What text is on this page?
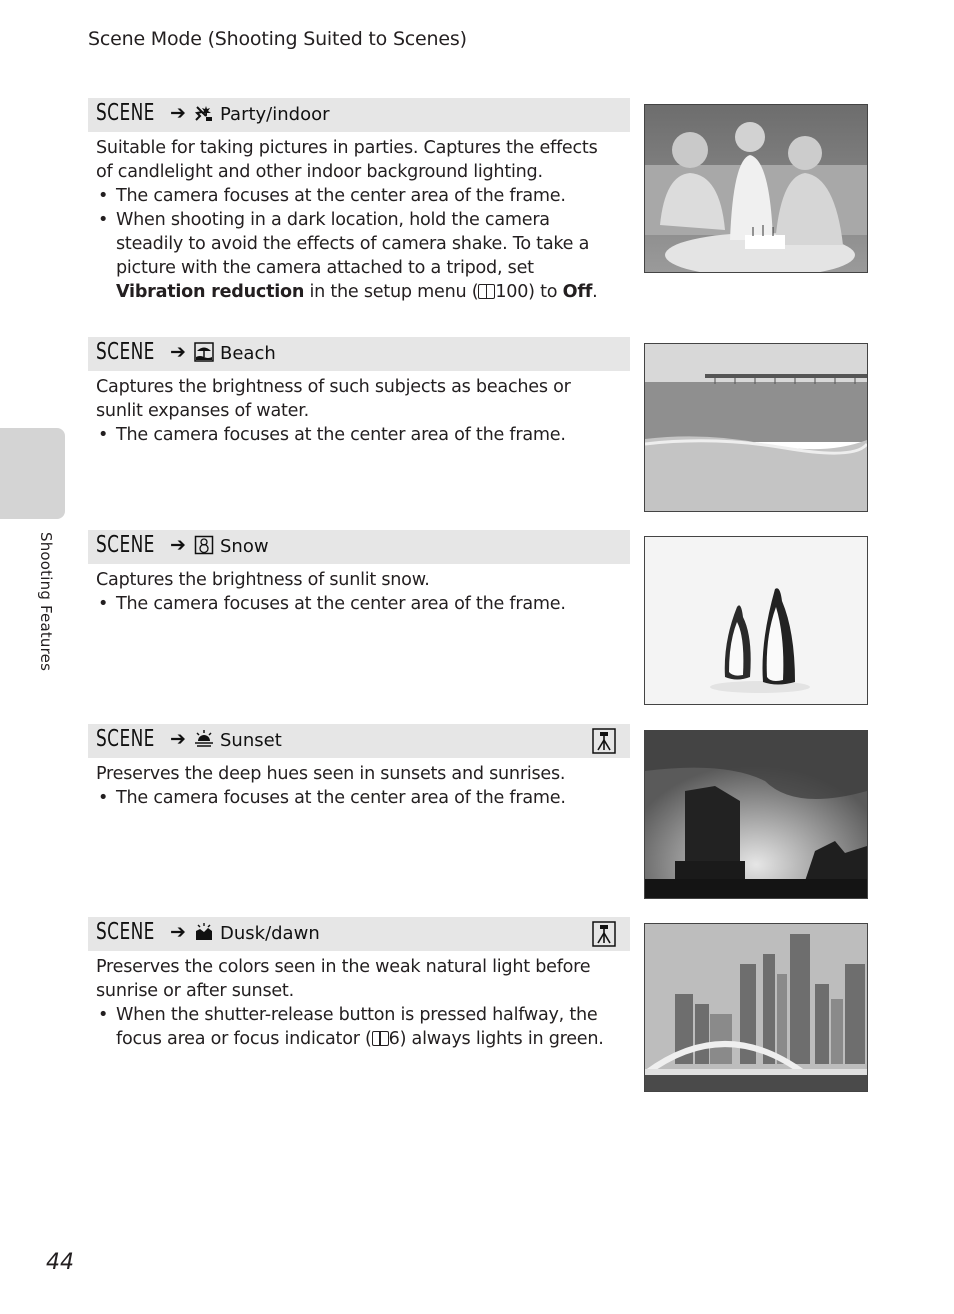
Scene Mode (Shooting Suited to Scenes)
Shooting Features
44
SCENE ➔ Party/indoor

Suitable for taking pictures in parties. Captures the effects of candlelight and other indoor background lighting.

• The camera focuses at the center area of the frame.
• When shooting in a dark location, hold the camera steadily to avoid the effects of camera shake. To take a picture with the camera attached to a tripod, set Vibration reduction in the setup menu ( 100) to Off.
SCENE ➔ Beach

Captures the brightness of such subjects as beaches or sunlit expanses of water.

• The camera focuses at the center area of the frame.
SCENE ➔ Snow

Captures the brightness of sunlit snow.

• The camera focuses at the center area of the frame.
SCENE ➔ Sunset

Preserves the deep hues seen in sunsets and sunrises.

• The camera focuses at the center area of the frame.
SCENE ➔ Dusk/dawn

Preserves the colors seen in the weak natural light before sunrise or after sunset.

• When the shutter-release button is pressed halfway, the focus area or focus indicator ( 6) always lights in green.
